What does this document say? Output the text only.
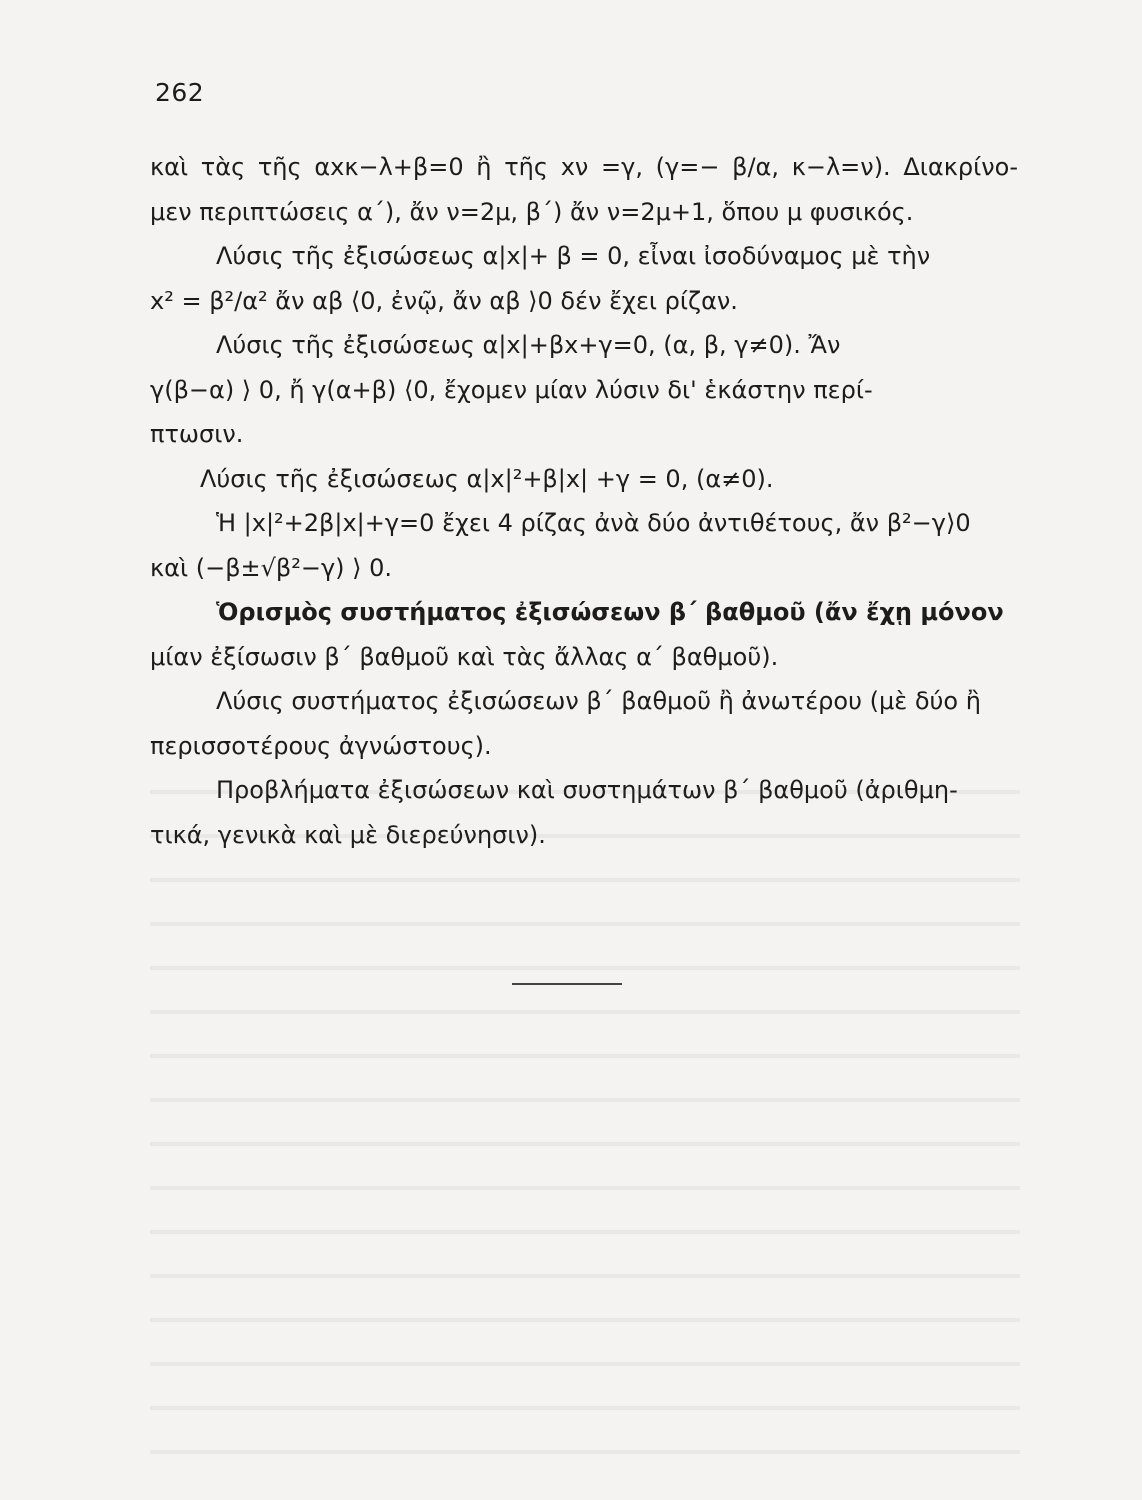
262
καὶ τὰς τῆς αxκ−λ+β=0 ἢ τῆς xν =γ, (γ=− β/α, κ−λ=ν). Διακρίνο-
μεν περιπτώσεις α΄), ἄν ν=2μ, β΄) ἄν ν=2μ+1, ὅπου μ φυσικός.
Λύσις τῆς ἐξισώσεως α|x|+ β = 0, εἶναι ἰσοδύναμος μὲ τὴν
x² = β²/α² ἄν αβ ⟨0, ἐνῷ, ἄν αβ ⟩0 δέν ἔχει ρίζαν.
Λύσις τῆς ἐξισώσεως α|x|+βx+γ=0, (α, β, γ≠0). Ἄν
γ(β−α) ⟩ 0, ἤ γ(α+β) ⟨0, ἔχομεν μίαν λύσιν δι' ἑκάστην περί-
πτωσιν.
Λύσις τῆς ἐξισώσεως α|x|²+β|x| +γ = 0, (α≠0).
Ἡ |x|²+2β|x|+γ=0 ἔχει 4 ρίζας ἀνὰ δύο ἀντιθέτους, ἄν β²−γ⟩0
καὶ (−β±√β²−γ) ⟩ 0.
Ὁρισμὸς συστήματος ἐξισώσεων β΄ βαθμοῦ (ἄν ἔχῃ μόνον
μίαν ἐξίσωσιν β΄ βαθμοῦ καὶ τὰς ἄλλας α΄ βαθμοῦ).
Λύσις συστήματος ἐξισώσεων β΄ βαθμοῦ ἢ ἀνωτέρου (μὲ δύο ἢ
περισσοτέρους ἀγνώστους).
Προβλήματα ἐξισώσεων καὶ συστημάτων β΄ βαθμοῦ (ἀριθμη-
τικά, γενικὰ καὶ μὲ διερεύνησιν).
